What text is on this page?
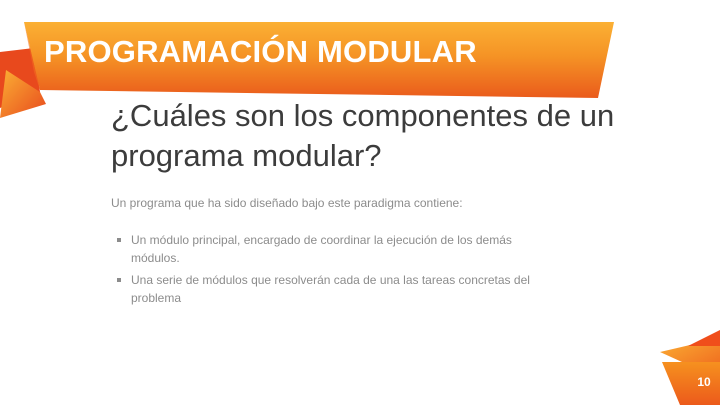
PROGRAMACIÓN MODULAR
¿Cuáles son los componentes de un programa modular?

Un programa que ha sido diseñado bajo este paradigma contiene:

Un módulo principal, encargado de coordinar la ejecución de los demás módulos.
Una serie de módulos que resolverán cada de una las tareas concretas del problema
10
